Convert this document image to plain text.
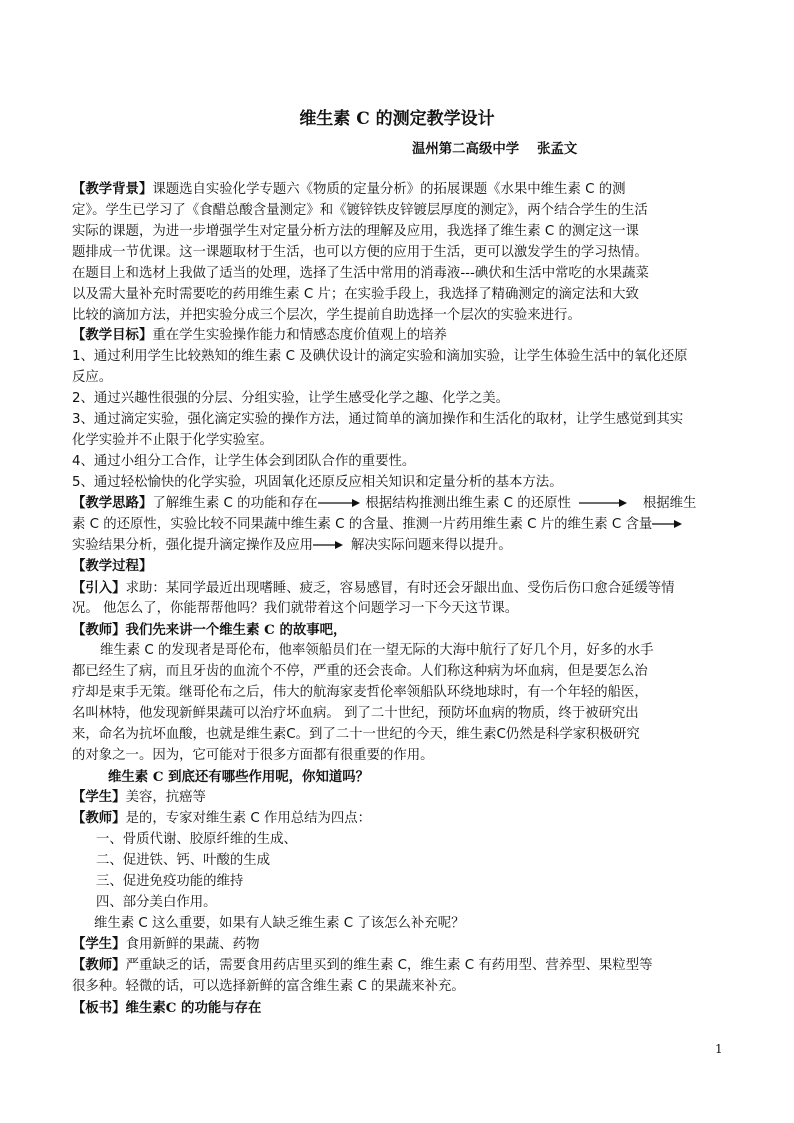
维生素 C 的测定教学设计
温州第二高级中学 张孟文
【教学背景】课题选自实验化学专题六《物质的定量分析》的拓展课题《水果中维生素 C 的测
定》。学生已学习了《食醋总酸含量测定》和《镀锌铁皮锌镀层厚度的测定》，两个结合学生的生活
实际的课题，为进一步增强学生对定量分析方法的理解及应用，我选择了维生素 C 的测定这一课
题排成一节优课。这一课题取材于生活，也可以方便的应用于生活，更可以激发学生的学习热情。
在题目上和选材上我做了适当的处理，选择了生活中常用的消毒液---碘伏和生活中常吃的水果蔬菜
以及需大量补充时需要吃的药用维生素 C 片；在实验手段上，我选择了精确测定的滴定法和大致
比较的滴加方法，并把实验分成三个层次，学生提前自助选择一个层次的实验来进行。
【教学目标】重在学生实验操作能力和情感态度价值观上的培养
1、通过利用学生比较熟知的维生素 C 及碘伏设计的滴定实验和滴加实验，让学生体验生活中的氧化还原
反应。
2、通过兴趣性很强的分层、分组实验，让学生感受化学之趣、化学之美。
3、通过滴定实验，强化滴定实验的操作方法，通过简单的滴加操作和生活化的取材，让学生感觉到其实
化学实验并不止限于化学实验室。
4、通过小组分工合作，让学生体会到团队合作的重要性。
5、通过轻松愉快的化学实验，巩固氧化还原反应相关知识和定量分析的基本方法。
【教学思路】了解维生素 C 的功能和存在	根据结构推测出维生素 C 的还原性	根据维生
素 C 的还原性，实验比较不同果蔬中维生素 C 的含量、推测一片药用维生素 C 片的维生素 C 含量
实验结果分析，强化提升滴定操作及应用	解决实际问题来得以提升。
【教学过程】
【引入】求助：某同学最近出现嗜睡、疲乏，容易感冒，有时还会牙龈出血、受伤后伤口愈合延缓等情
况。 他怎么了，你能帮帮他吗？我们就带着这个问题学习一下今天这节课。
【教师】我们先来讲一个维生素 C 的故事吧，
维生素 C 的发现者是哥伦布，他率领船员们在一望无际的大海中航行了好几个月，好多的水手
都已经生了病，而且牙齿的血流个不停，严重的还会丧命。人们称这种病为坏血病，但是要怎么治
疗却是束手无策。继哥伦布之后，伟大的航海家麦哲伦率领船队环绕地球时，有一个年轻的船医，
名叫林特，他发现新鲜果蔬可以治疗坏血病。 到了二十世纪，预防坏血病的物质，终于被研究出
来，命名为抗坏血酸，也就是维生素C。到了二十一世纪的今天，维生素C仍然是科学家积极研究
的对象之一。因为，它可能对于很多方面都有很重要的作用。
维生素 C 到底还有哪些作用呢，你知道吗？
【学生】美容，抗癌等
【教师】是的，专家对维生素 C 作用总结为四点：
一、骨质代谢、胶原纤维的生成、
二、促进铁、钙、叶酸的生成
三、促进免疫功能的维持
四、部分美白作用。
维生素 C 这么重要，如果有人缺乏维生素 C 了该怎么补充呢？
【学生】食用新鲜的果蔬、药物
【教师】严重缺乏的话，需要食用药店里买到的维生素 C，维生素 C 有药用型、营养型、果粒型等
很多种。轻微的话，可以选择新鲜的富含维生素 C 的果蔬来补充。
【板书】维生素C 的功能与存在
1
